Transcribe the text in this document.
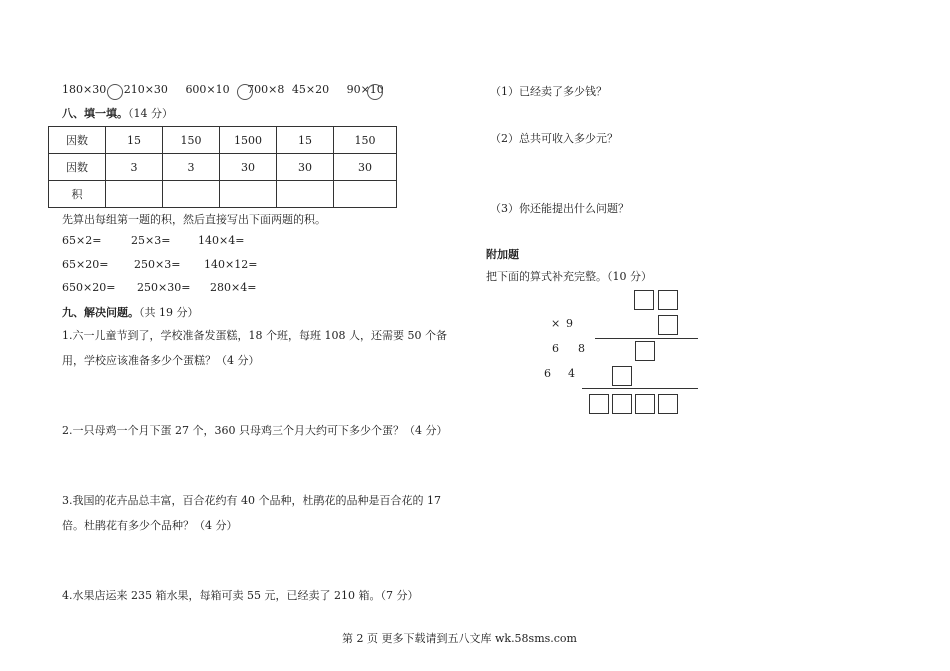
180×30 210×30 600×10 700×8 45×20 90×10
八、填一填。（14 分）
因数	15	150	1500	15	150
因数	3	3	30	30	30
积					
先算出每组第一题的积，然后直接写出下面两题的积。
65×2=	25×3=	140×4=
65×20= 250×3= 140×12=
650×20= 250×30= 280×4=
九、解决问题。（共 19 分）
1.六一儿童节到了，学校准备发蛋糕，18 个班，每班 108 人，还需要 50 个备
用，学校应该准备多少个蛋糕？（4 分）
2.一只母鸡一个月下蛋 27 个，360 只母鸡三个月大约可下多少个蛋？（4 分）
3.我国的花卉品总丰富，百合花约有 40 个品种，杜鹃花的品种是百合花的 17
倍。杜鹃花有多少个品种？（4 分）
4.水果店运来 235 箱水果，每箱可卖 55 元，已经卖了 210 箱。（7 分）
（1）已经卖了多少钱？
（2）总共可收入多少元？
（3）你还能提出什么问题？
附加题
把下面的算式补充完整。（10 分）
× 9
6 8
6 4
第 2 页 更多下载请到五八文库 wk.58sms.com
